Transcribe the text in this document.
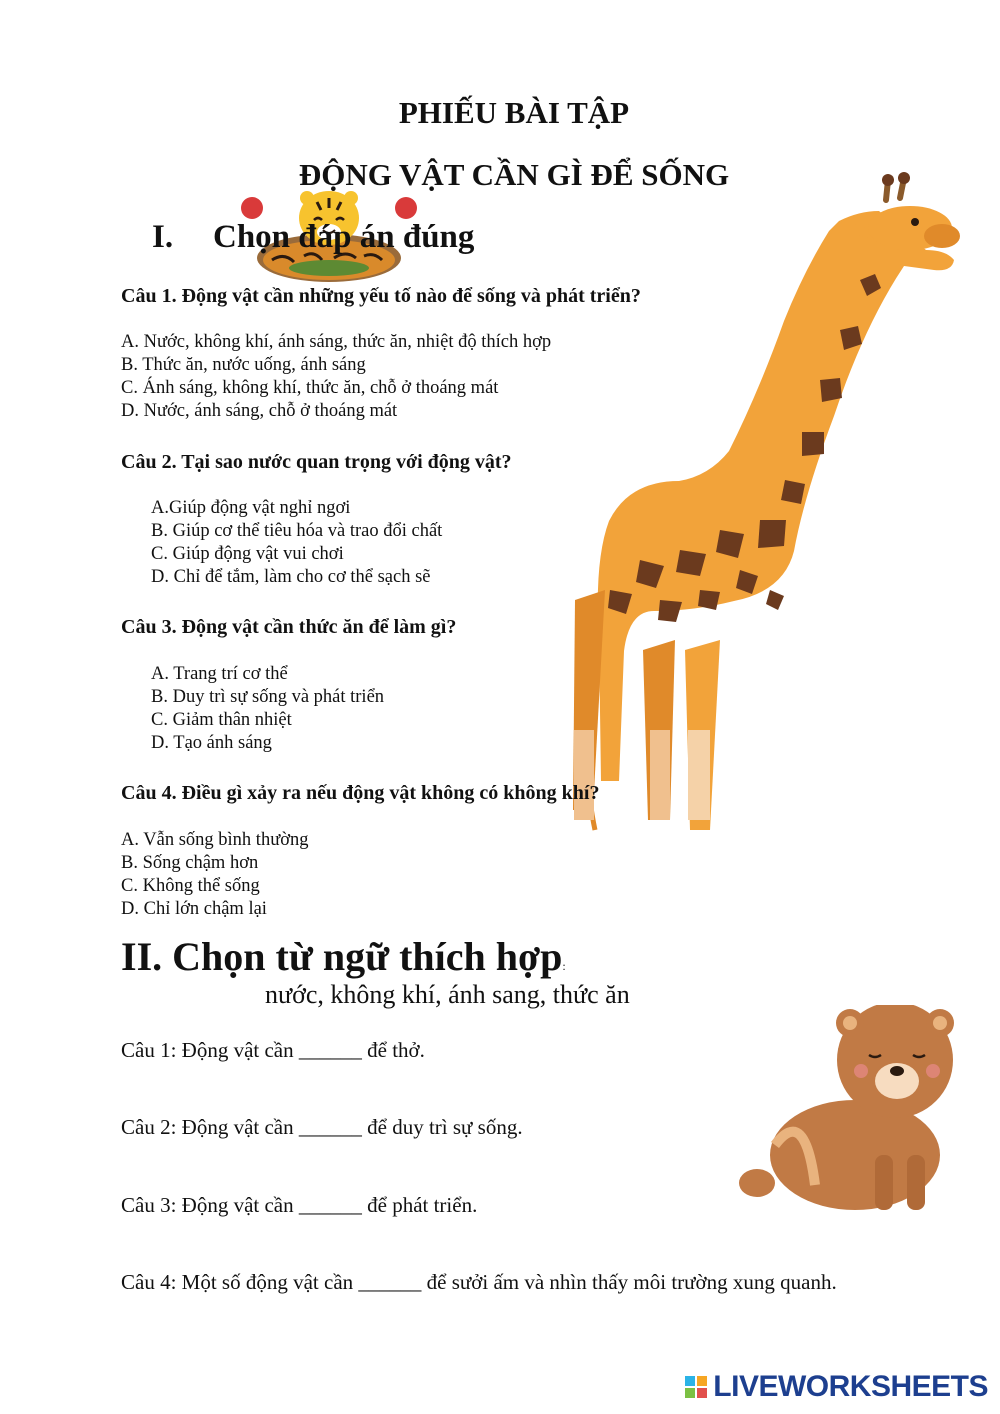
PHIẾU BÀI TẬP
ĐỘNG VẬT CẦN GÌ ĐỂ SỐNG
I. Chọn đáp án đúng
Câu 1. Động vật cần những yếu tố nào để sống và phát triển?
A. Nước, không khí, ánh sáng, thức ăn, nhiệt độ thích hợp
B. Thức ăn, nước uống, ánh sáng
C. Ánh sáng, không khí, thức ăn, chỗ ở thoáng mát
D. Nước, ánh sáng, chỗ ở thoáng mát
Câu 2. Tại sao nước quan trọng với động vật?
A.Giúp động vật nghỉ ngơi
B. Giúp cơ thể tiêu hóa và trao đổi chất
C. Giúp động vật vui chơi
D. Chỉ để tắm, làm cho cơ thể sạch sẽ
Câu 3. Động vật cần thức ăn để làm gì?
A. Trang trí cơ thể
B. Duy trì sự sống và phát triển
C. Giảm thân nhiệt
D. Tạo ánh sáng
Câu 4. Điều gì xảy ra nếu động vật không có không khí?
A. Vẫn sống bình thường
B. Sống chậm hơn
C. Không thể sống
D. Chỉ lớn chậm lại
II. Chọn từ ngữ thích hợp:
nước, không khí, ánh sang, thức ăn
Câu 1: Động vật cần ______ để thở.
Câu 2: Động vật cần ______ để duy trì sự sống.
Câu 3: Động vật cần ______ để phát triển.
Câu 4: Một số động vật cần ______ để sưởi ấm và nhìn thấy môi trường xung quanh.
LIVEWORKSHEETS
